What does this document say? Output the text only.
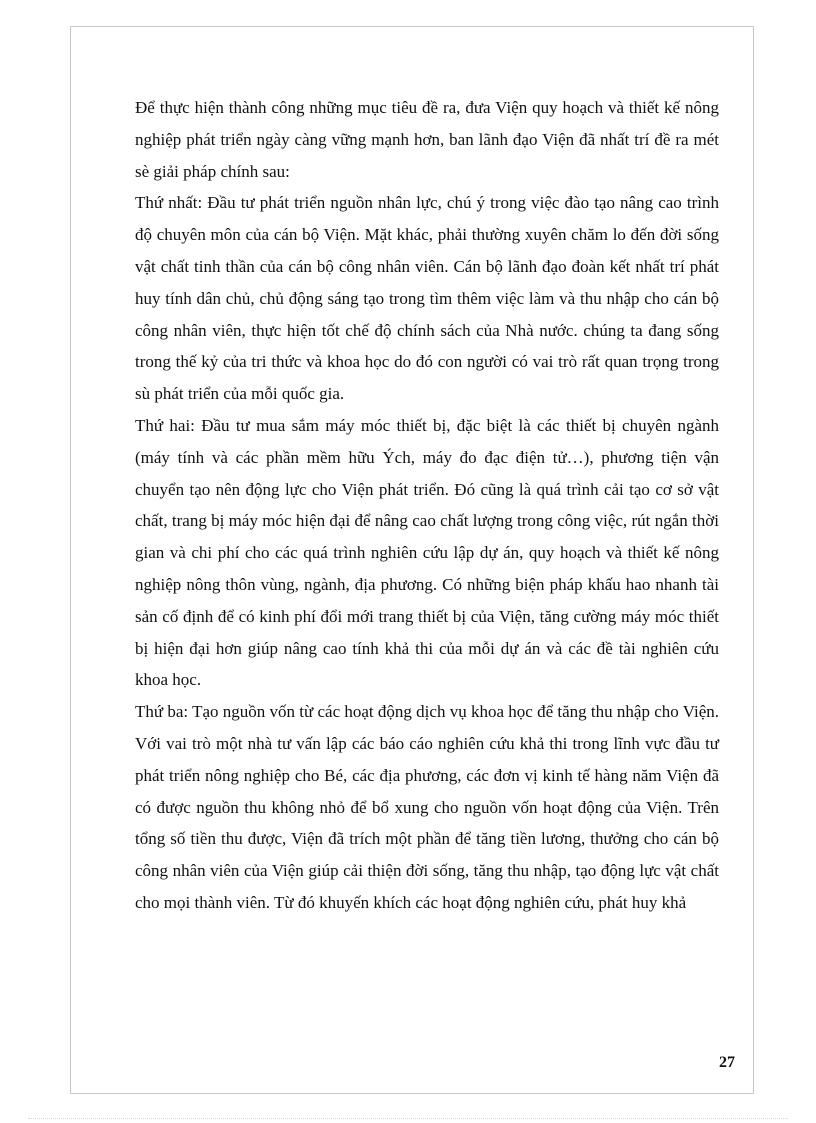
Để thực hiện thành công những mục tiêu đề ra, đưa Viện quy hoạch và thiết kế nông nghiệp phát triển ngày càng vững mạnh hơn, ban lãnh đạo Viện đã nhất trí đề ra mét sè giải pháp chính sau:

Thứ nhất: Đầu tư phát triển nguồn nhân lực, chú ý trong việc đào tạo nâng cao trình độ chuyên môn của cán bộ Viện. Mặt khác, phải thường xuyên chăm lo đến đời sống vật chất tinh thần của cán bộ công nhân viên. Cán bộ lãnh đạo đoàn kết nhất trí phát huy tính dân chủ, chủ động sáng tạo trong tìm thêm việc làm và thu nhập cho cán bộ công nhân viên, thực hiện tốt chế độ chính sách của Nhà nước. chúng ta đang sống trong thế kỷ của tri thức và khoa học do đó con người có vai trò rất quan trọng trong sù phát triển của mỗi quốc gia.

Thứ hai: Đầu tư mua sắm máy móc thiết bị, đặc biệt là các thiết bị chuyên ngành (máy tính và các phần mềm hữu Ých, máy đo đạc điện tử…), phương tiện vận chuyển tạo nên động lực cho Viện phát triển. Đó cũng là quá trình cải tạo cơ sở vật chất, trang bị máy móc hiện đại để nâng cao chất lượng trong công việc, rút ngắn thời gian và chi phí cho các quá trình nghiên cứu lập dự án, quy hoạch và thiết kế nông nghiệp nông thôn vùng, ngành, địa phương. Có những biện pháp khấu hao nhanh tài sản cố định để có kinh phí đổi mới trang thiết bị của Viện, tăng cường máy móc thiết bị hiện đại hơn giúp nâng cao tính khả thi của mỗi dự án và các đề tài nghiên cứu khoa học.

Thứ ba: Tạo nguồn vốn từ các hoạt động dịch vụ khoa học để tăng thu nhập cho Viện. Với vai trò một nhà tư vấn lập các báo cáo nghiên cứu khả thi trong lĩnh vực đầu tư phát triển nông nghiệp cho Bé, các địa phương, các đơn vị kinh tế hàng năm Viện đã có được nguồn thu không nhỏ để bổ xung cho nguồn vốn hoạt động của Viện. Trên tổng số tiền thu được, Viện đã trích một phần để tăng tiền lương, thưởng cho cán bộ công nhân viên của Viện giúp cải thiện đời sống, tăng thu nhập, tạo động lực vật chất cho mọi thành viên. Từ đó khuyến khích các hoạt động nghiên cứu, phát huy khả

27
